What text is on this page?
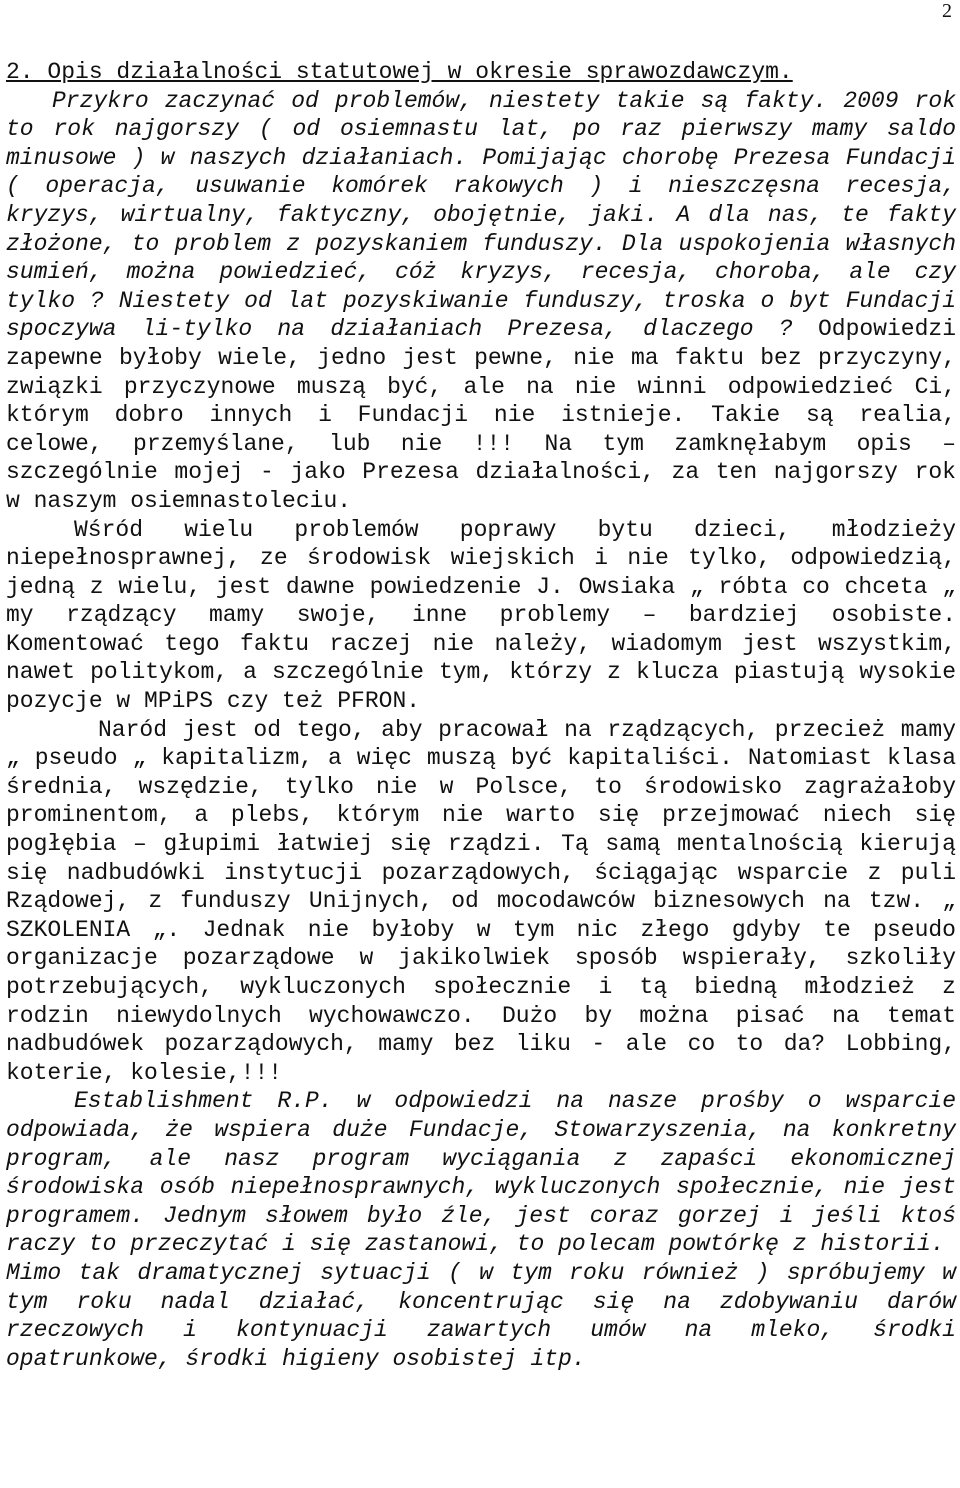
2

2. Opis działalności statutowej w okresie sprawozdawczym.

Przykro zaczynać od problemów, niestety takie są fakty. 2009 rok to rok najgorszy ( od osiemnastu lat, po raz pierwszy mamy saldo minusowe ) w naszych działaniach. Pomijając chorobę Prezesa Fundacji ( operacja, usuwanie komórek rakowych ) i nieszczęsna recesja, kryzys, wirtualny, faktyczny, obojętnie, jaki. A dla nas, te fakty złożone, to problem z pozyskaniem funduszy. Dla uspokojenia własnych sumień, można powiedzieć, cóż kryzys, recesja, choroba, ale czy tylko ? Niestety od lat pozyskiwanie funduszy, troska o byt Fundacji spoczywa li-tylko na działaniach Prezesa, dlaczego ? Odpowiedzi zapewne byłoby wiele, jedno jest pewne, nie ma faktu bez przyczyny, związki przyczynowe muszą być, ale na nie winni odpowiedzieć Ci, którym dobro innych i Fundacji nie istnieje. Takie są realia, celowe, przemyślane, lub nie !!! Na tym zamknęłabym opis – szczególnie mojej - jako Prezesa działalności, za ten najgorszy rok w naszym osiemnastoleciu.

Wśród wielu problemów poprawy bytu dzieci, młodzieży niepełnosprawnej, ze środowisk wiejskich i nie tylko, odpowiedzią, jedną z wielu, jest dawne powiedzenie J. Owsiaka „ róbta co chceta „ my rządzący mamy swoje, inne problemy – bardziej osobiste. Komentować tego faktu raczej nie należy, wiadomym jest wszystkim, nawet politykom, a szczególnie tym, którzy z klucza piastują wysokie pozycje w MPiPS czy też PFRON.

Naród jest od tego, aby pracował na rządzących, przecież mamy „ pseudo „ kapitalizm, a więc muszą być kapitaliści. Natomiast klasa średnia, wszędzie, tylko nie w Polsce, to środowisko zagrażałoby prominentom, a plebs, którym nie warto się przejmować niech się pogłębia – głupimi łatwiej się rządzi. Tą samą mentalnością kierują się nadbudówki instytucji pozarządowych, ściągając wsparcie z puli Rządowej, z funduszy Unijnych, od mocodawców biznesowych na tzw. „ SZKOLENIA „. Jednak nie byłoby w tym nic złego gdyby te pseudo organizacje pozarządowe w jakikolwiek sposób wspierały, szkoliły potrzebujących, wykluczonych społecznie i tą biedną młodzież z rodzin niewydolnych wychowawczo. Dużo by można pisać na temat nadbudówek pozarządowych, mamy bez liku - ale co to da? Lobbing, koterie, kolesie,!!!

Establishment R.P. w odpowiedzi na nasze prośby o wsparcie odpowiada, że wspiera duże Fundacje, Stowarzyszenia, na konkretny program, ale nasz program wyciągania z zapaści ekonomicznej środowiska osób niepełnosprawnych, wykluczonych społecznie, nie jest programem. Jednym słowem było źle, jest coraz gorzej i jeśli ktoś raczy to przeczytać i się zastanowi, to polecam powtórkę z historii.

Mimo tak dramatycznej sytuacji ( w tym roku również ) spróbujemy w tym roku nadal działać, koncentrując się na zdobywaniu darów rzeczowych i kontynuacji zawartych umów na mleko, środki opatrunkowe, środki higieny osobistej itp.
